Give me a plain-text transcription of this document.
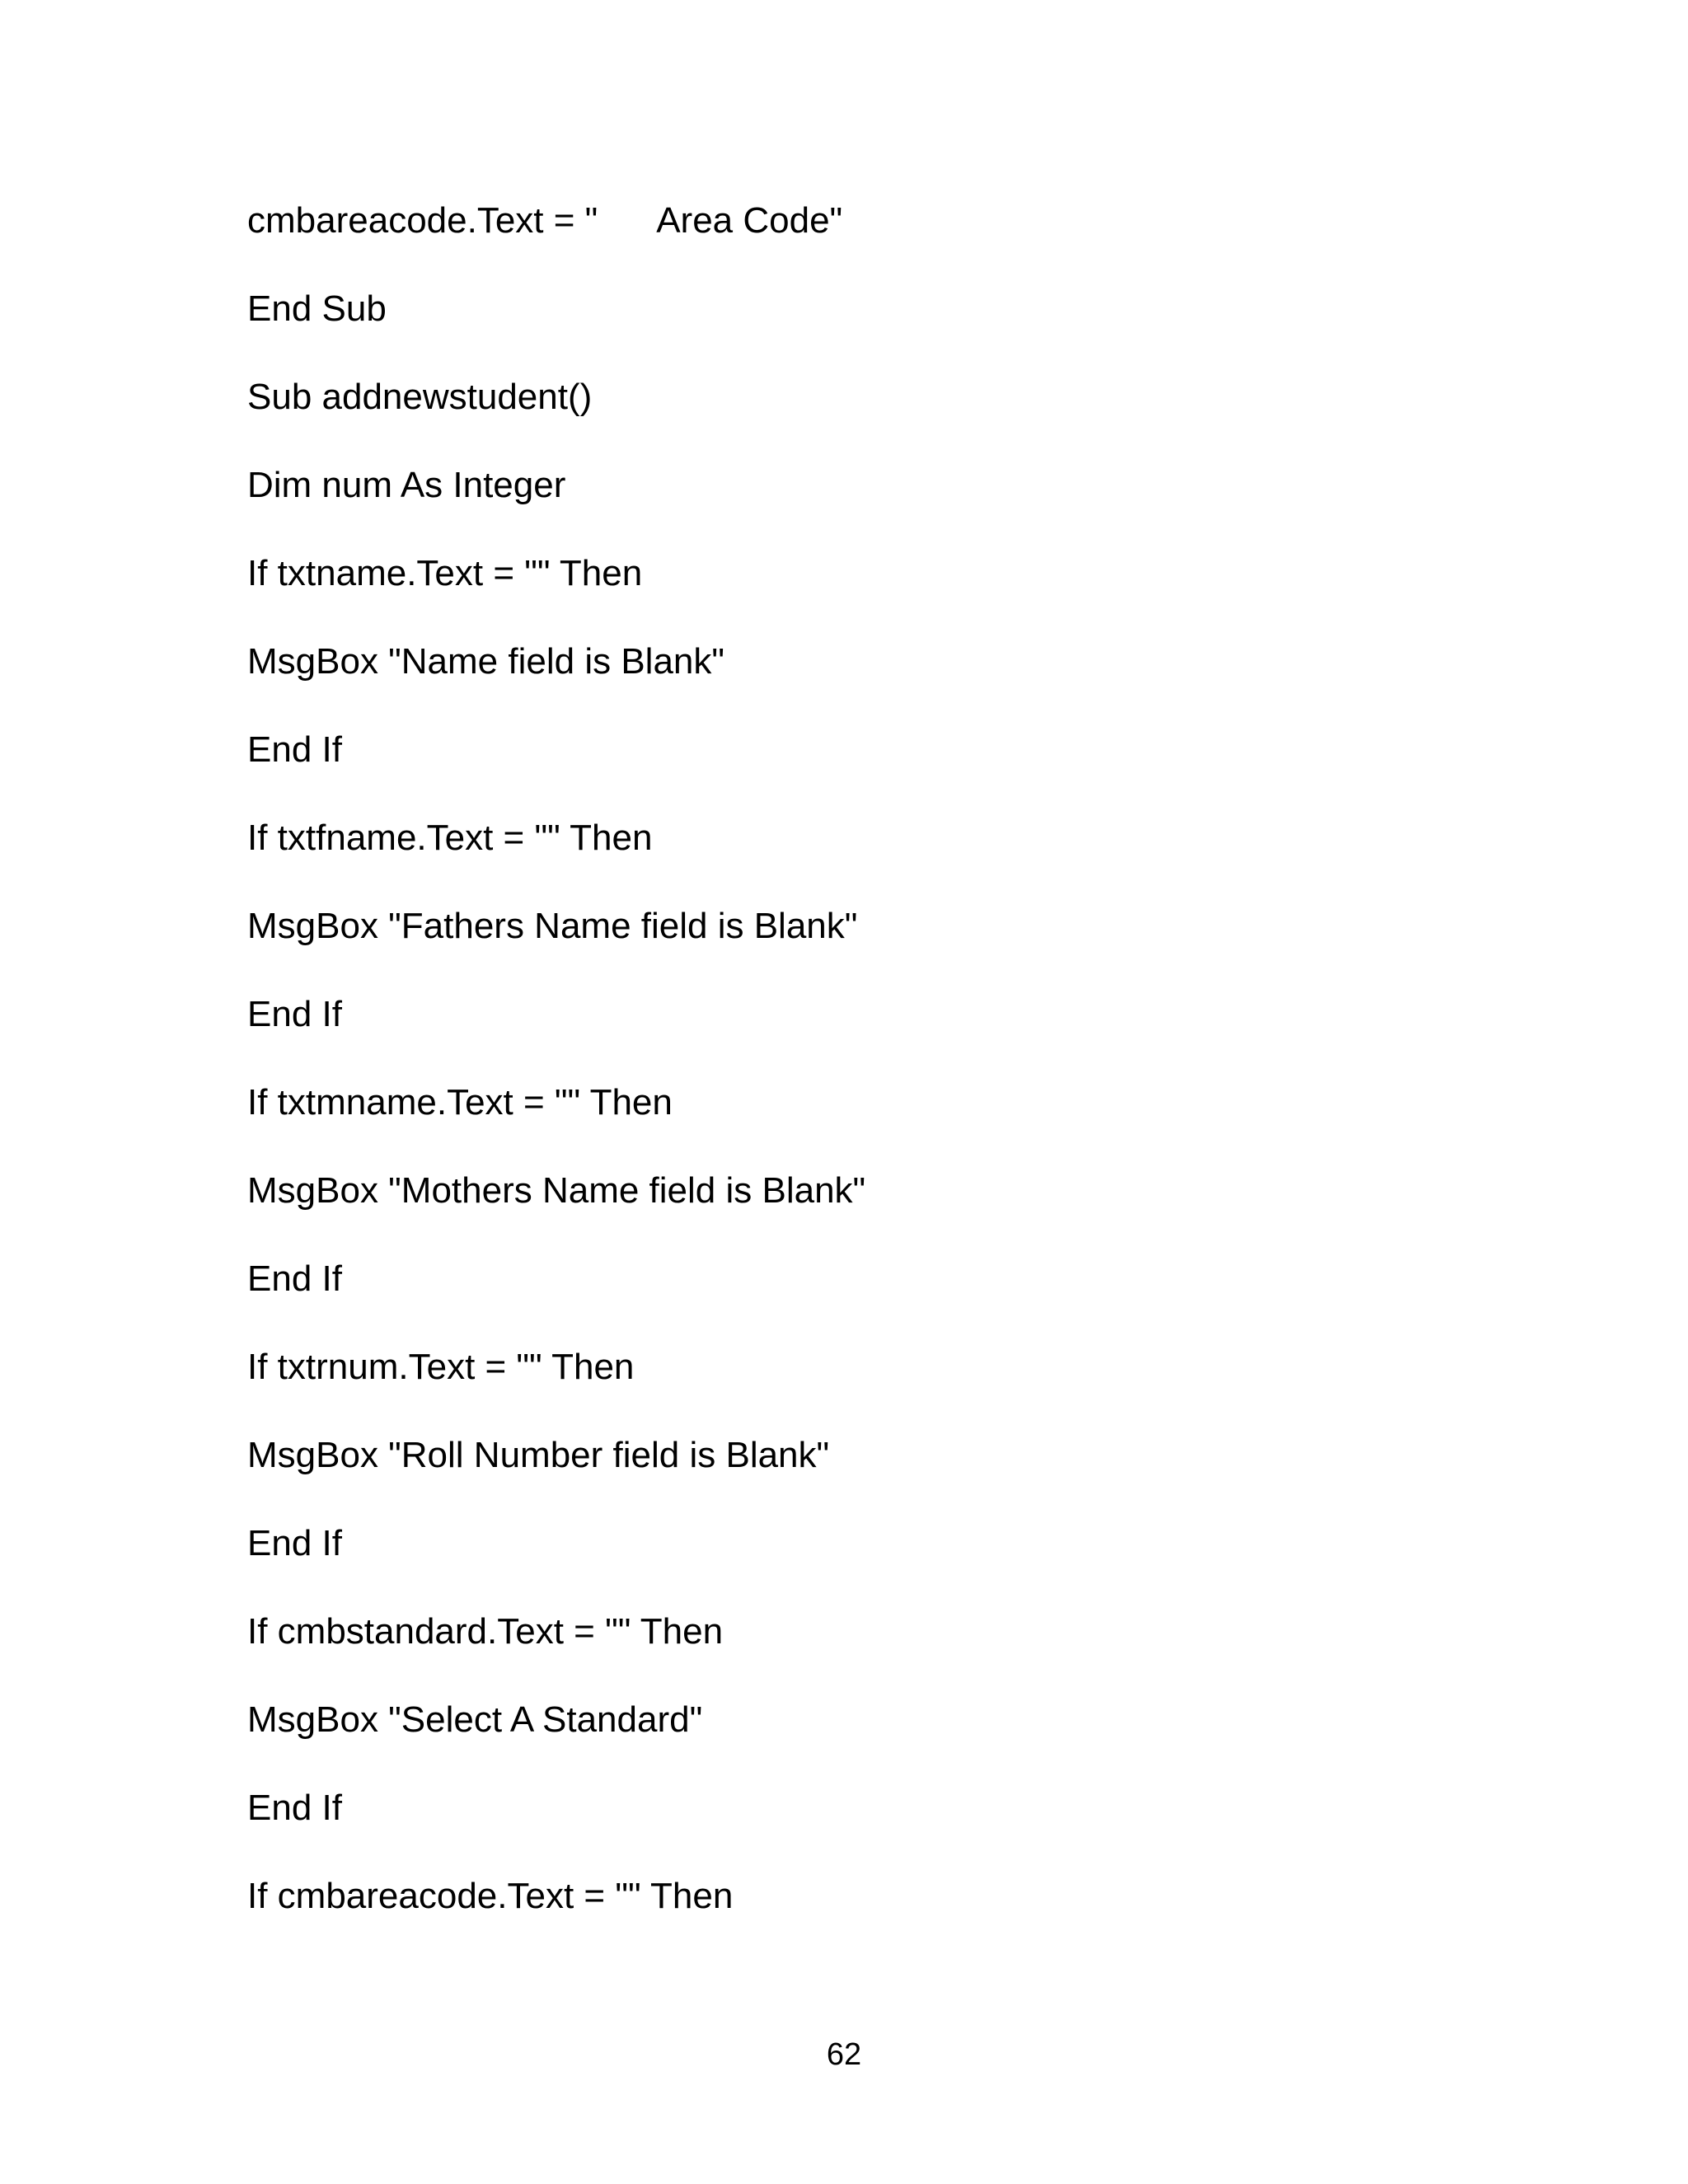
cmbareacode.Text = "      Area Code"
End Sub
Sub addnewstudent()
Dim num As Integer
If txtname.Text = "" Then
MsgBox "Name field is Blank"
End If
If txtfname.Text = "" Then
MsgBox "Fathers Name field is Blank"
End If
If txtmname.Text = "" Then
MsgBox "Mothers Name field is Blank"
End If
If txtrnum.Text = "" Then
MsgBox "Roll Number field is Blank"
End If
If cmbstandard.Text = "" Then
MsgBox "Select A Standard"
End If
If cmbareacode.Text = "" Then
62
